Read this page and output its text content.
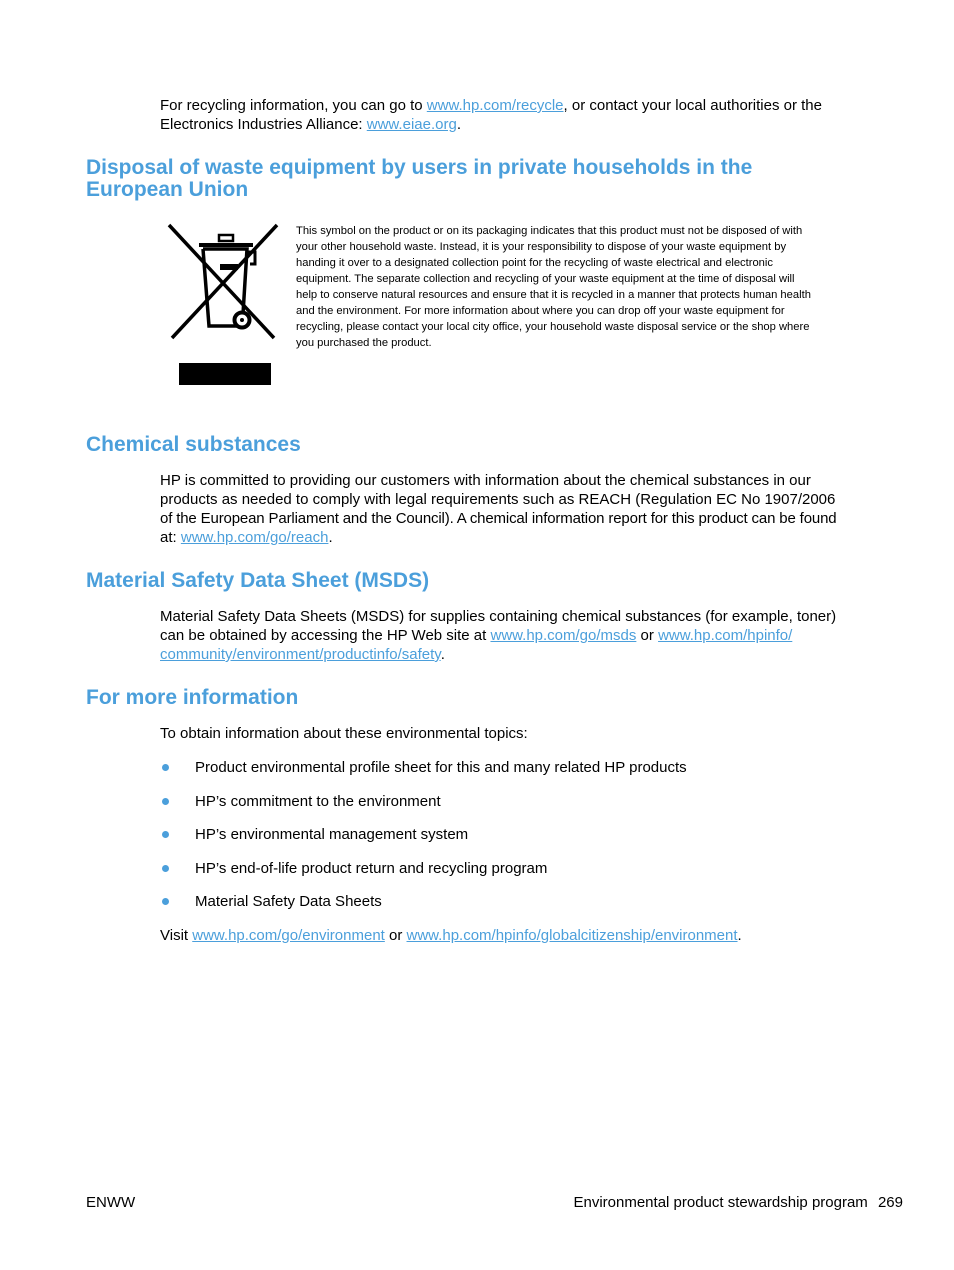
For recycling information, you can go to www.hp.com/recycle, or contact your local authorities or the
Electronics Industries Alliance: www.eiae.org.
Disposal of waste equipment by users in private households in the
European Union
This symbol on the product or on its packaging indicates that this product must not be disposed of with
your other household waste. Instead, it is your responsibility to dispose of your waste equipment by
handing it over to a designated collection point for the recycling of waste electrical and electronic
equipment. The separate collection and recycling of your waste equipment at the time of disposal will
help to conserve natural resources and ensure that it is recycled in a manner that protects human health
and the environment. For more information about where you can drop off your waste equipment for
recycling, please contact your local city office, your household waste disposal service or the shop where
you purchased the product.
Chemical substances
HP is committed to providing our customers with information about the chemical substances in our
products as needed to comply with legal requirements such as REACH (Regulation EC No 1907/2006
of the European Parliament and the Council). A chemical information report for this product can be found
at: www.hp.com/go/reach.
Material Safety Data Sheet (MSDS)
Material Safety Data Sheets (MSDS) for supplies containing chemical substances (for example, toner)
can be obtained by accessing the HP Web site at www.hp.com/go/msds or www.hp.com/hpinfo/
community/environment/productinfo/safety.
For more information
To obtain information about these environmental topics:
Product environmental profile sheet for this and many related HP products
HP’s commitment to the environment
HP’s environmental management system
HP’s end-of-life product return and recycling program
Material Safety Data Sheets
Visit www.hp.com/go/environment or www.hp.com/hpinfo/globalcitizenship/environment.
ENWW	Environmental product stewardship program 269
